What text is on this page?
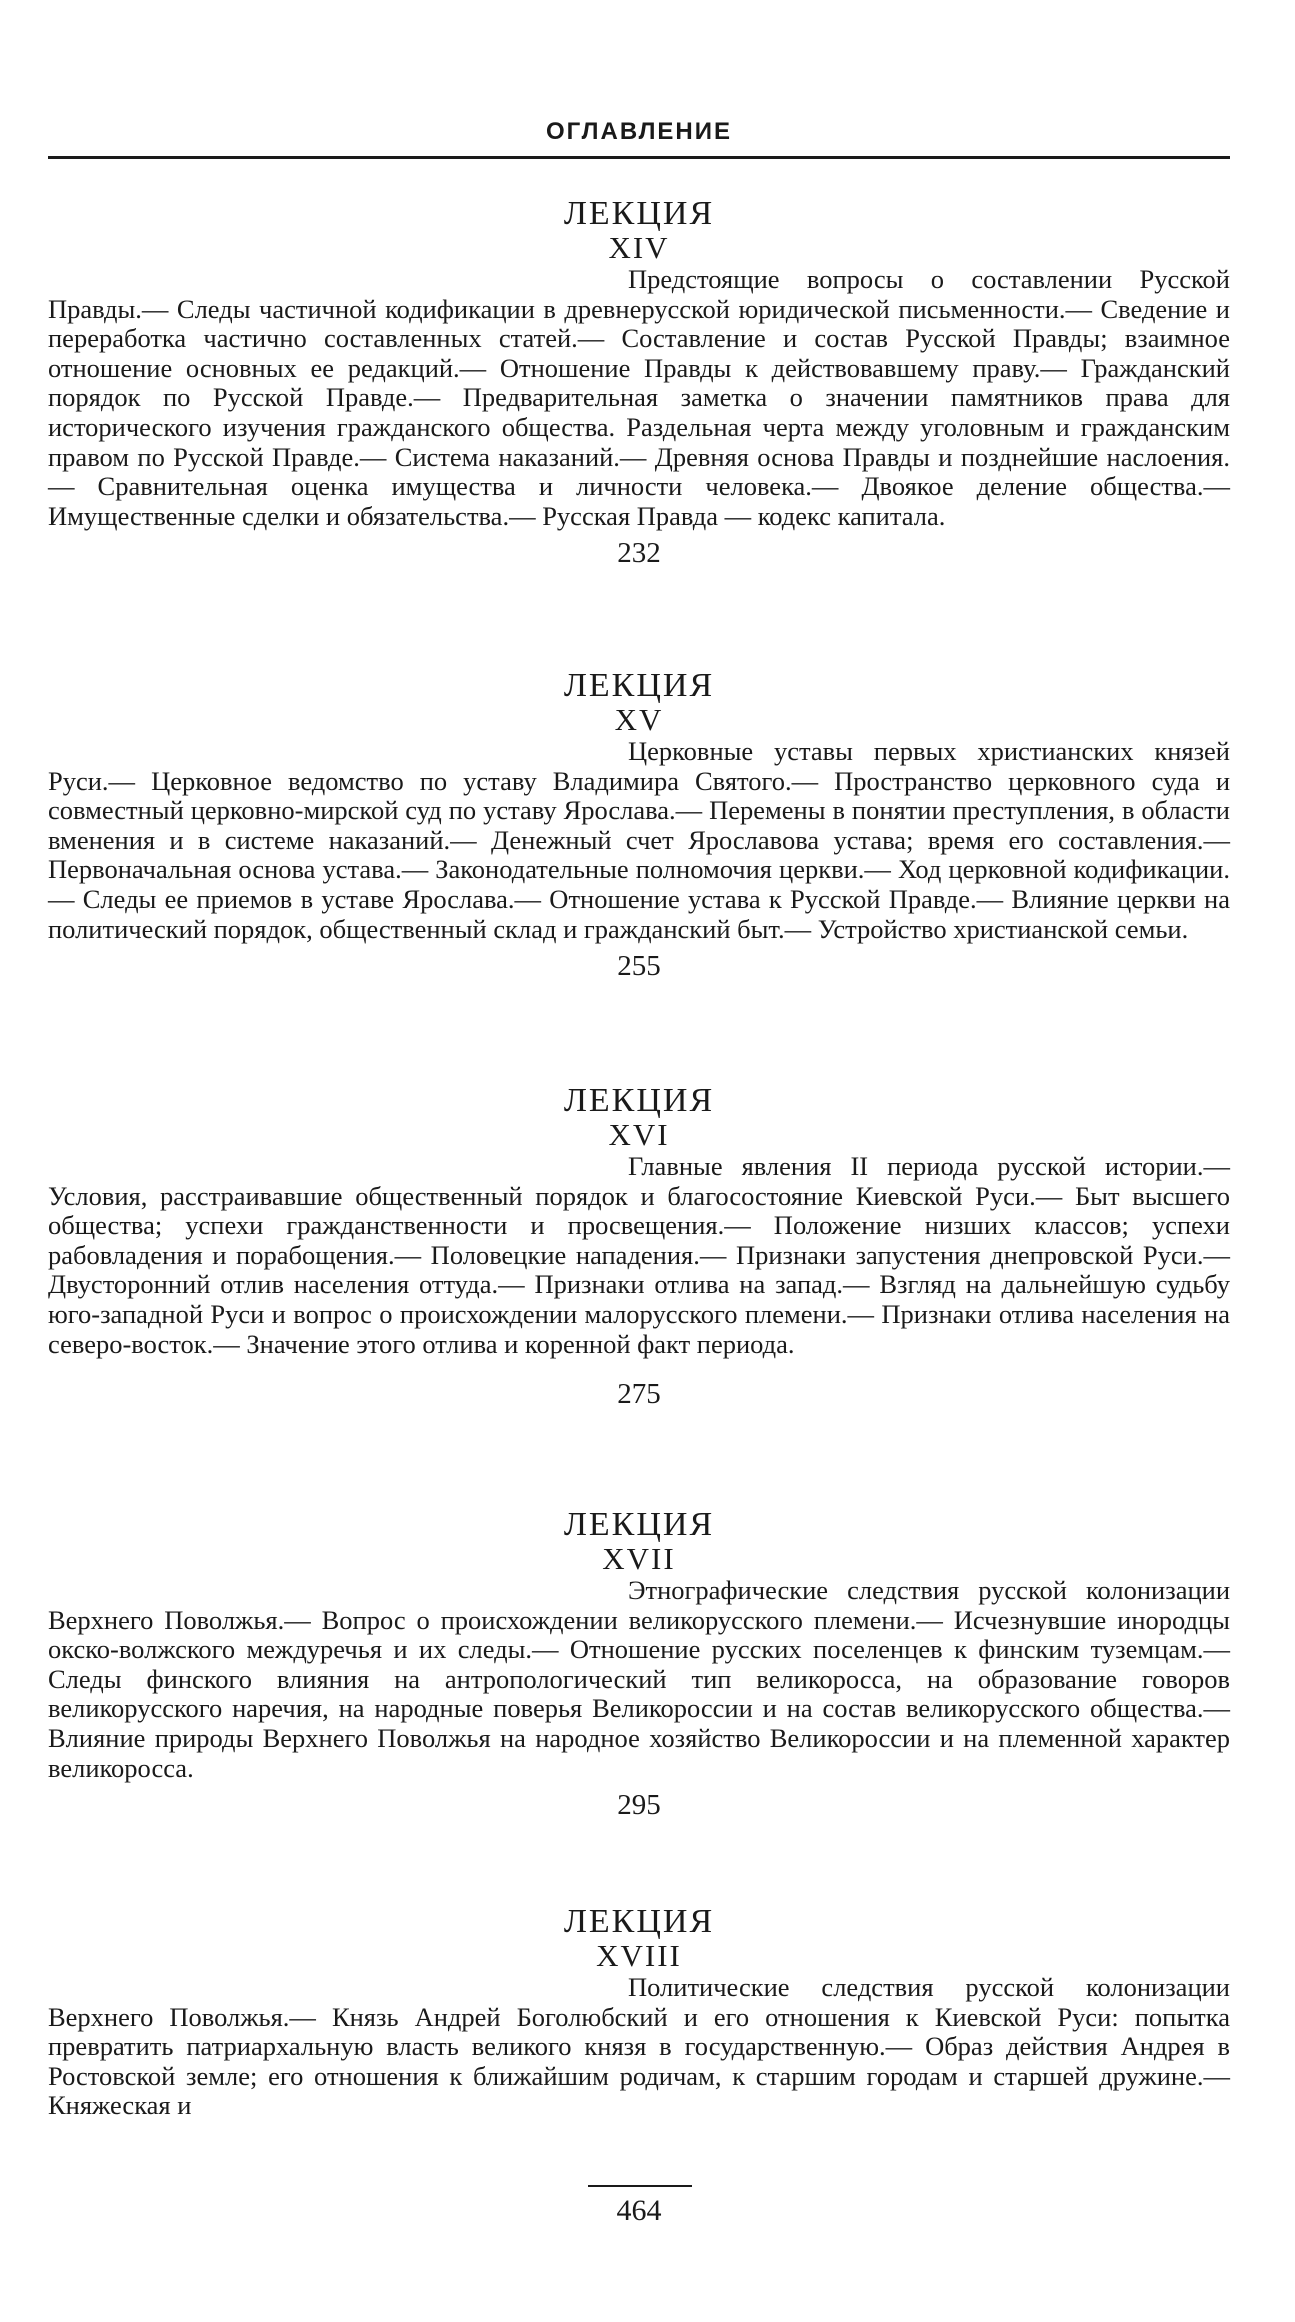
ОГЛАВЛЕНИЕ
ЛЕКЦИЯ
XIV
Предстоящие вопросы о составлении Русской Правды.— Следы частичной кодификации в древнерусской юридической письменности.— Сведение и переработка частично составленных статей.— Составление и состав Русской Правды; взаимное отношение основных ее редакций.— Отношение Правды к действовавшему праву.— Гражданский порядок по Русской Правде.— Предварительная заметка о значении памятников права для исторического изучения гражданского общества. Раздельная черта между уголовным и гражданским правом по Русской Правде.— Система наказаний.— Древняя основа Правды и позднейшие наслоения.— Сравнительная оценка имущества и личности человека.— Двоякое деление общества.— Имущественные сделки и обязательства.— Русская Правда — кодекс капитала.
232
ЛЕКЦИЯ
XV
Церковные уставы первых христианских князей Руси.— Церковное ведомство по уставу Владимира Святого.— Пространство церковного суда и совместный церковно-мирской суд по уставу Ярослава.— Перемены в понятии преступления, в области вменения и в системе наказаний.— Денежный счет Ярославова устава; время его составления.— Первоначальная основа устава.— Законодательные полномочия церкви.— Ход церковной кодификации.— Следы ее приемов в уставе Ярослава.— Отношение устава к Русской Правде.— Влияние церкви на политический порядок, общественный склад и гражданский быт.— Устройство христианской семьи.
255
ЛЕКЦИЯ
XVI
Главные явления II периода русской истории.— Условия, расстраивавшие общественный порядок и благосостояние Киевской Руси.— Быт высшего общества; успехи гражданственности и просвещения.— Положение низших классов; успехи рабовладения и порабощения.— Половецкие нападения.— Признаки запустения днепровской Руси.— Двусторонний отлив населения оттуда.— Признаки отлива на запад.— Взгляд на дальнейшую судьбу юго-западной Руси и вопрос о происхождении малорусского племени.— Признаки отлива населения на северо-восток.— Значение этого отлива и коренной факт периода.
275
ЛЕКЦИЯ
XVII
Этнографические следствия русской колонизации Верхнего Поволжья.— Вопрос о происхождении великорусского племени.— Исчезнувшие инородцы окско-волжского междуречья и их следы.— Отношение русских поселенцев к финским туземцам.— Следы финского влияния на антропологический тип великоросса, на образование говоров великорусского наречия, на народные поверья Великороссии и на состав великорусского общества.— Влияние природы Верхнего Поволжья на народное хозяйство Великороссии и на племенной характер великоросса.
295
ЛЕКЦИЯ
XVIII
Политические следствия русской колонизации Верхнего Поволжья.— Князь Андрей Боголюбский и его отношения к Киевской Руси: попытка превратить патриархальную власть великого князя в государственную.— Образ действия Андрея в Ростовской земле; его отношения к ближайшим родичам, к старшим городам и старшей дружине.— Княжеская и
464
